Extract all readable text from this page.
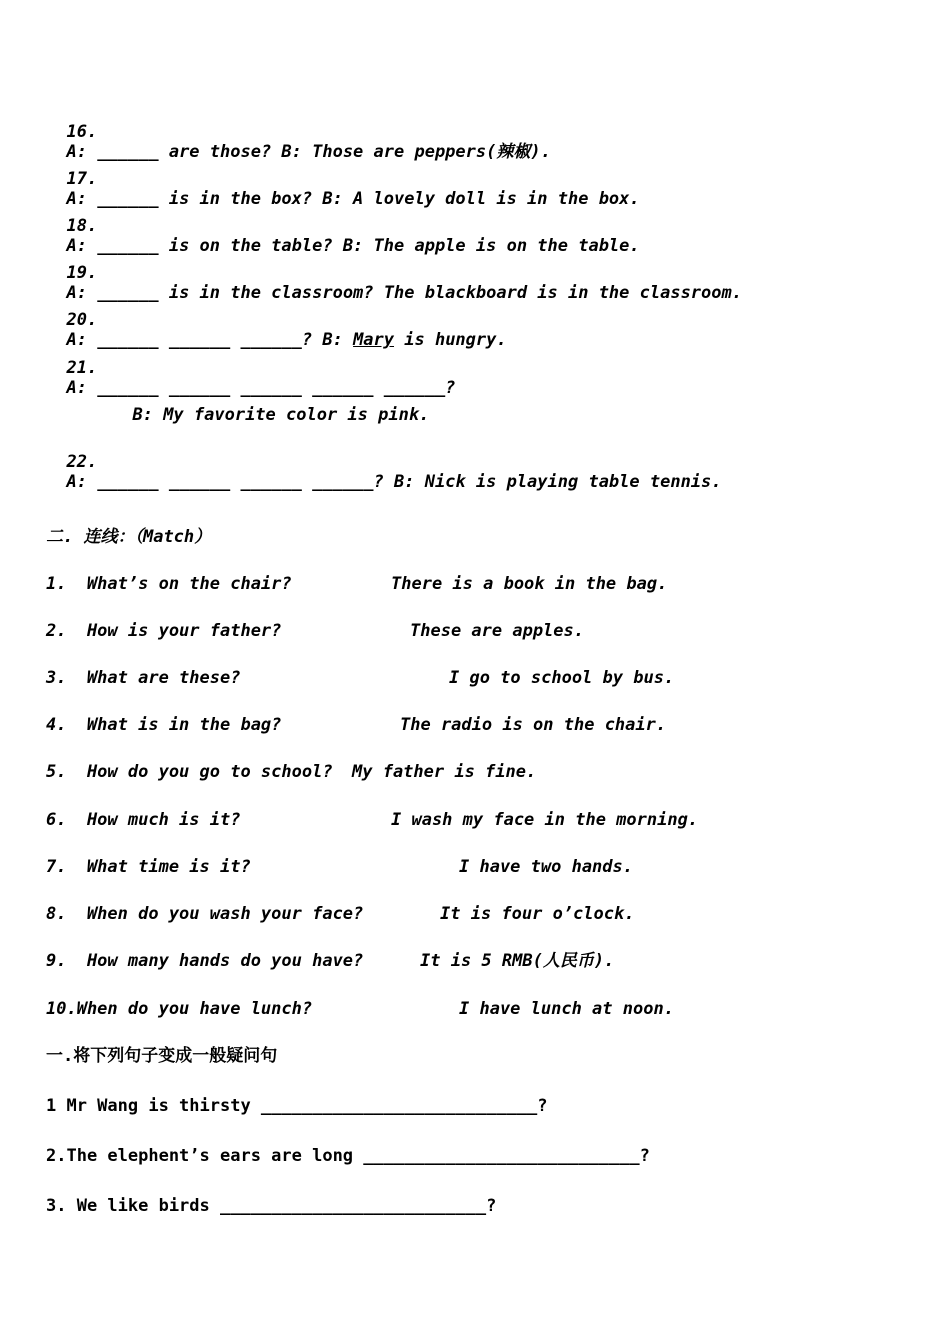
16.
A: ______ are those? B: Those are peppers(辣椒).

17.
A: ______ is in the box? B: A lovely doll is in the box.

18.
A: ______ is on the table? B: The apple is on the table.

19.
A: ______ is in the classroom? The blackboard is in the classroom.

20.
A: ______ ______ ______? B: Mary is hungry.

21.
A: ______ ______ ______ ______ ______?

B: My favorite color is pink.

22.
A: ______ ______ ______ ______? B: Nick is playing table tennis.

二. 连线：（Match）
1.  What’s on the chair?	There is a book in the bag.
2.  How is your father?	These are apples.
3.  What are these?	I go to school by bus.
4.  What is in the bag?	The radio is on the chair.
5.  How do you go to school? My father is fine.
6.  How much is it?	I wash my face in the morning.
7.  What time is it?	I have two hands.
8.  When do you wash your face?	It is four o’clock.
9.  How many hands do you have?	It is 5 RMB(人民币).
10.When do you have lunch?	I have lunch at noon.
一.将下列句子变成一般疑问句
1 Mr Wang is thirsty ___________________________?
2.The elephent’s ears are long ___________________________?
3. We like birds __________________________?
